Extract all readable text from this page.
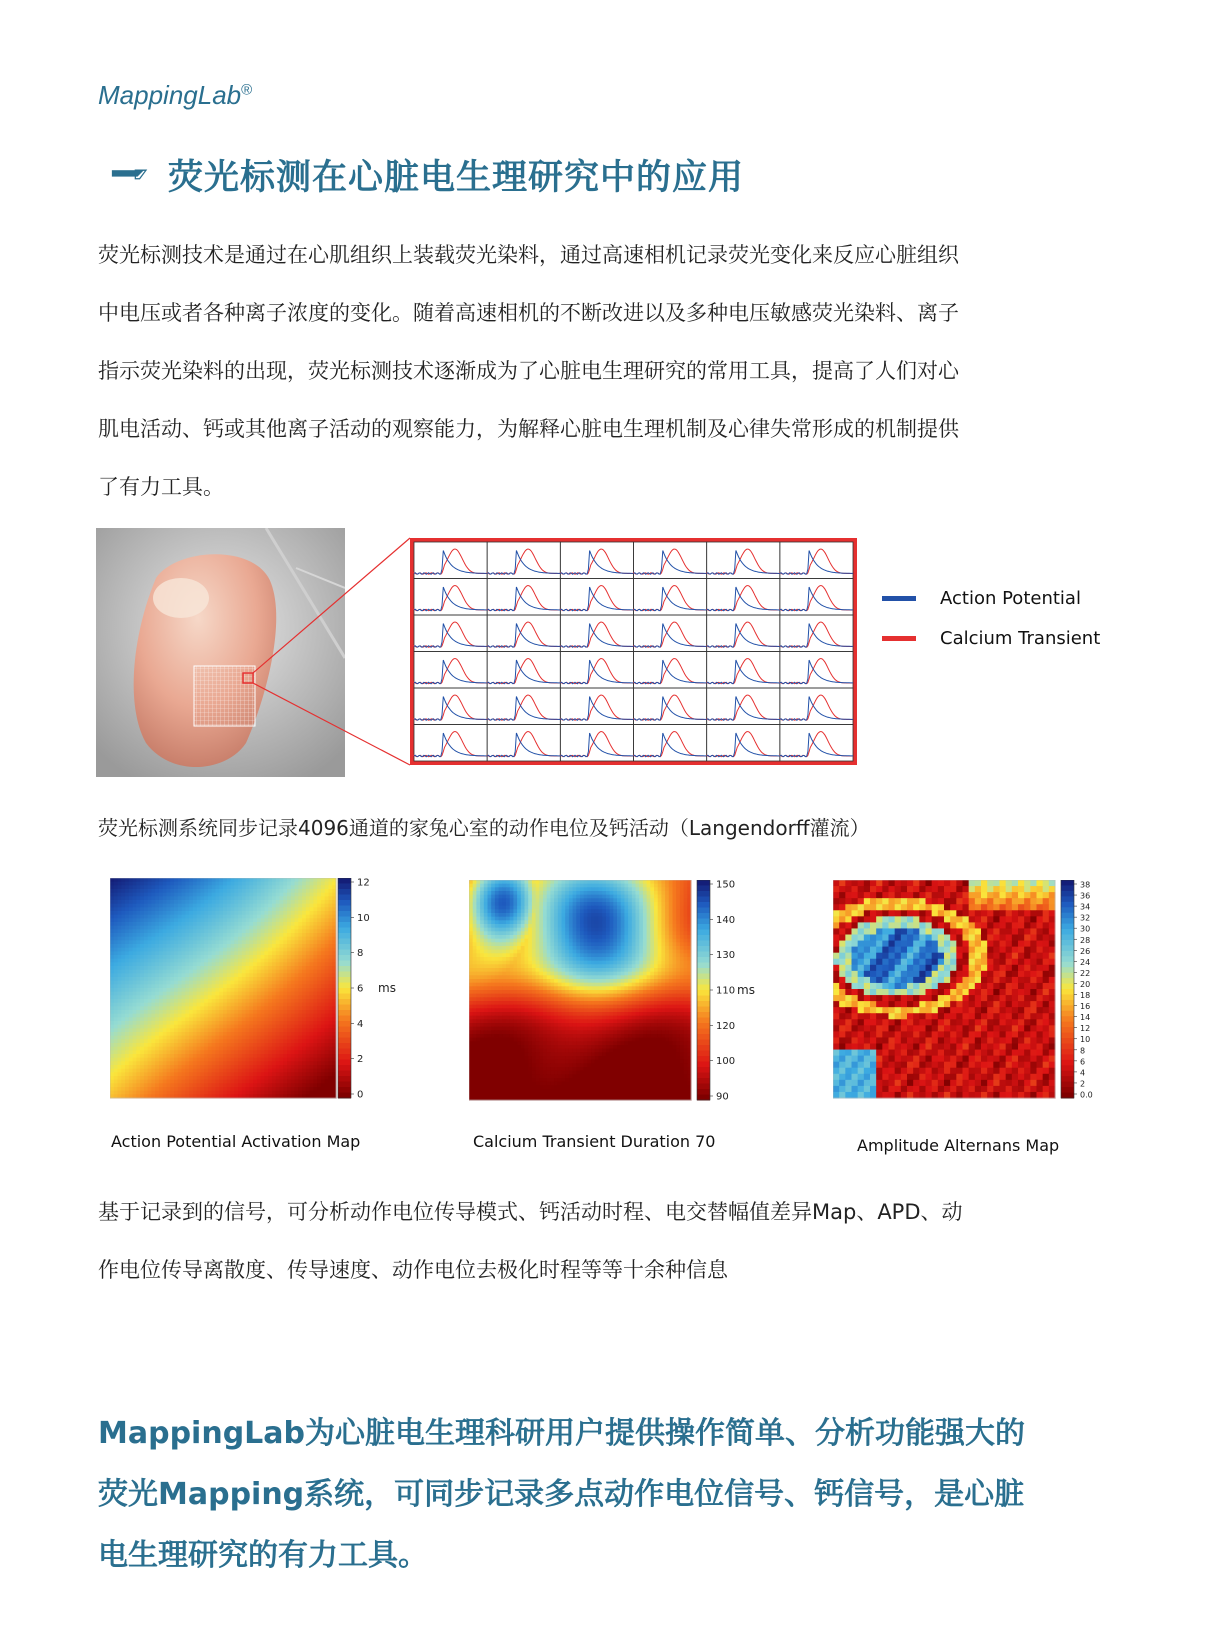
MappingLab®
荧光标测在心脏电生理研究中的应用
荧光标测技术是通过在心肌组织上装载荧光染料，通过高速相机记录荧光变化来反应心脏组织
中电压或者各种离子浓度的变化。随着高速相机的不断改进以及多种电压敏感荧光染料、离子
指示荧光染料的出现，荧光标测技术逐渐成为了心脏电生理研究的常用工具，提高了人们对心
肌电活动、钙或其他离子活动的观察能力，为解释心脏电生理机制及心律失常形成的机制提供
了有力工具。
Action Potential
Calcium Transient
荧光标测系统同步记录4096通道的家兔心室的动作电位及钙活动（Langendorff灌流）
12
10
8
6
4
2
0
ms
150
140
130
110
120
100
90
ms
38
36
34
32
30
28
26
24
22
20
18
16
14
12
10
8
6
4
2
0.0
Action Potential Activation Map	Calcium Transient Duration 70	Amplitude Alternans Map
基于记录到的信号，可分析动作电位传导模式、钙活动时程、电交替幅值差异Map、APD、动
作电位传导离散度、传导速度、动作电位去极化时程等等十余种信息
MappingLab为心脏电生理科研用户提供操作简单、分析功能强大的
荧光Mapping系统，可同步记录多点动作电位信号、钙信号，是心脏
电生理研究的有力工具。
